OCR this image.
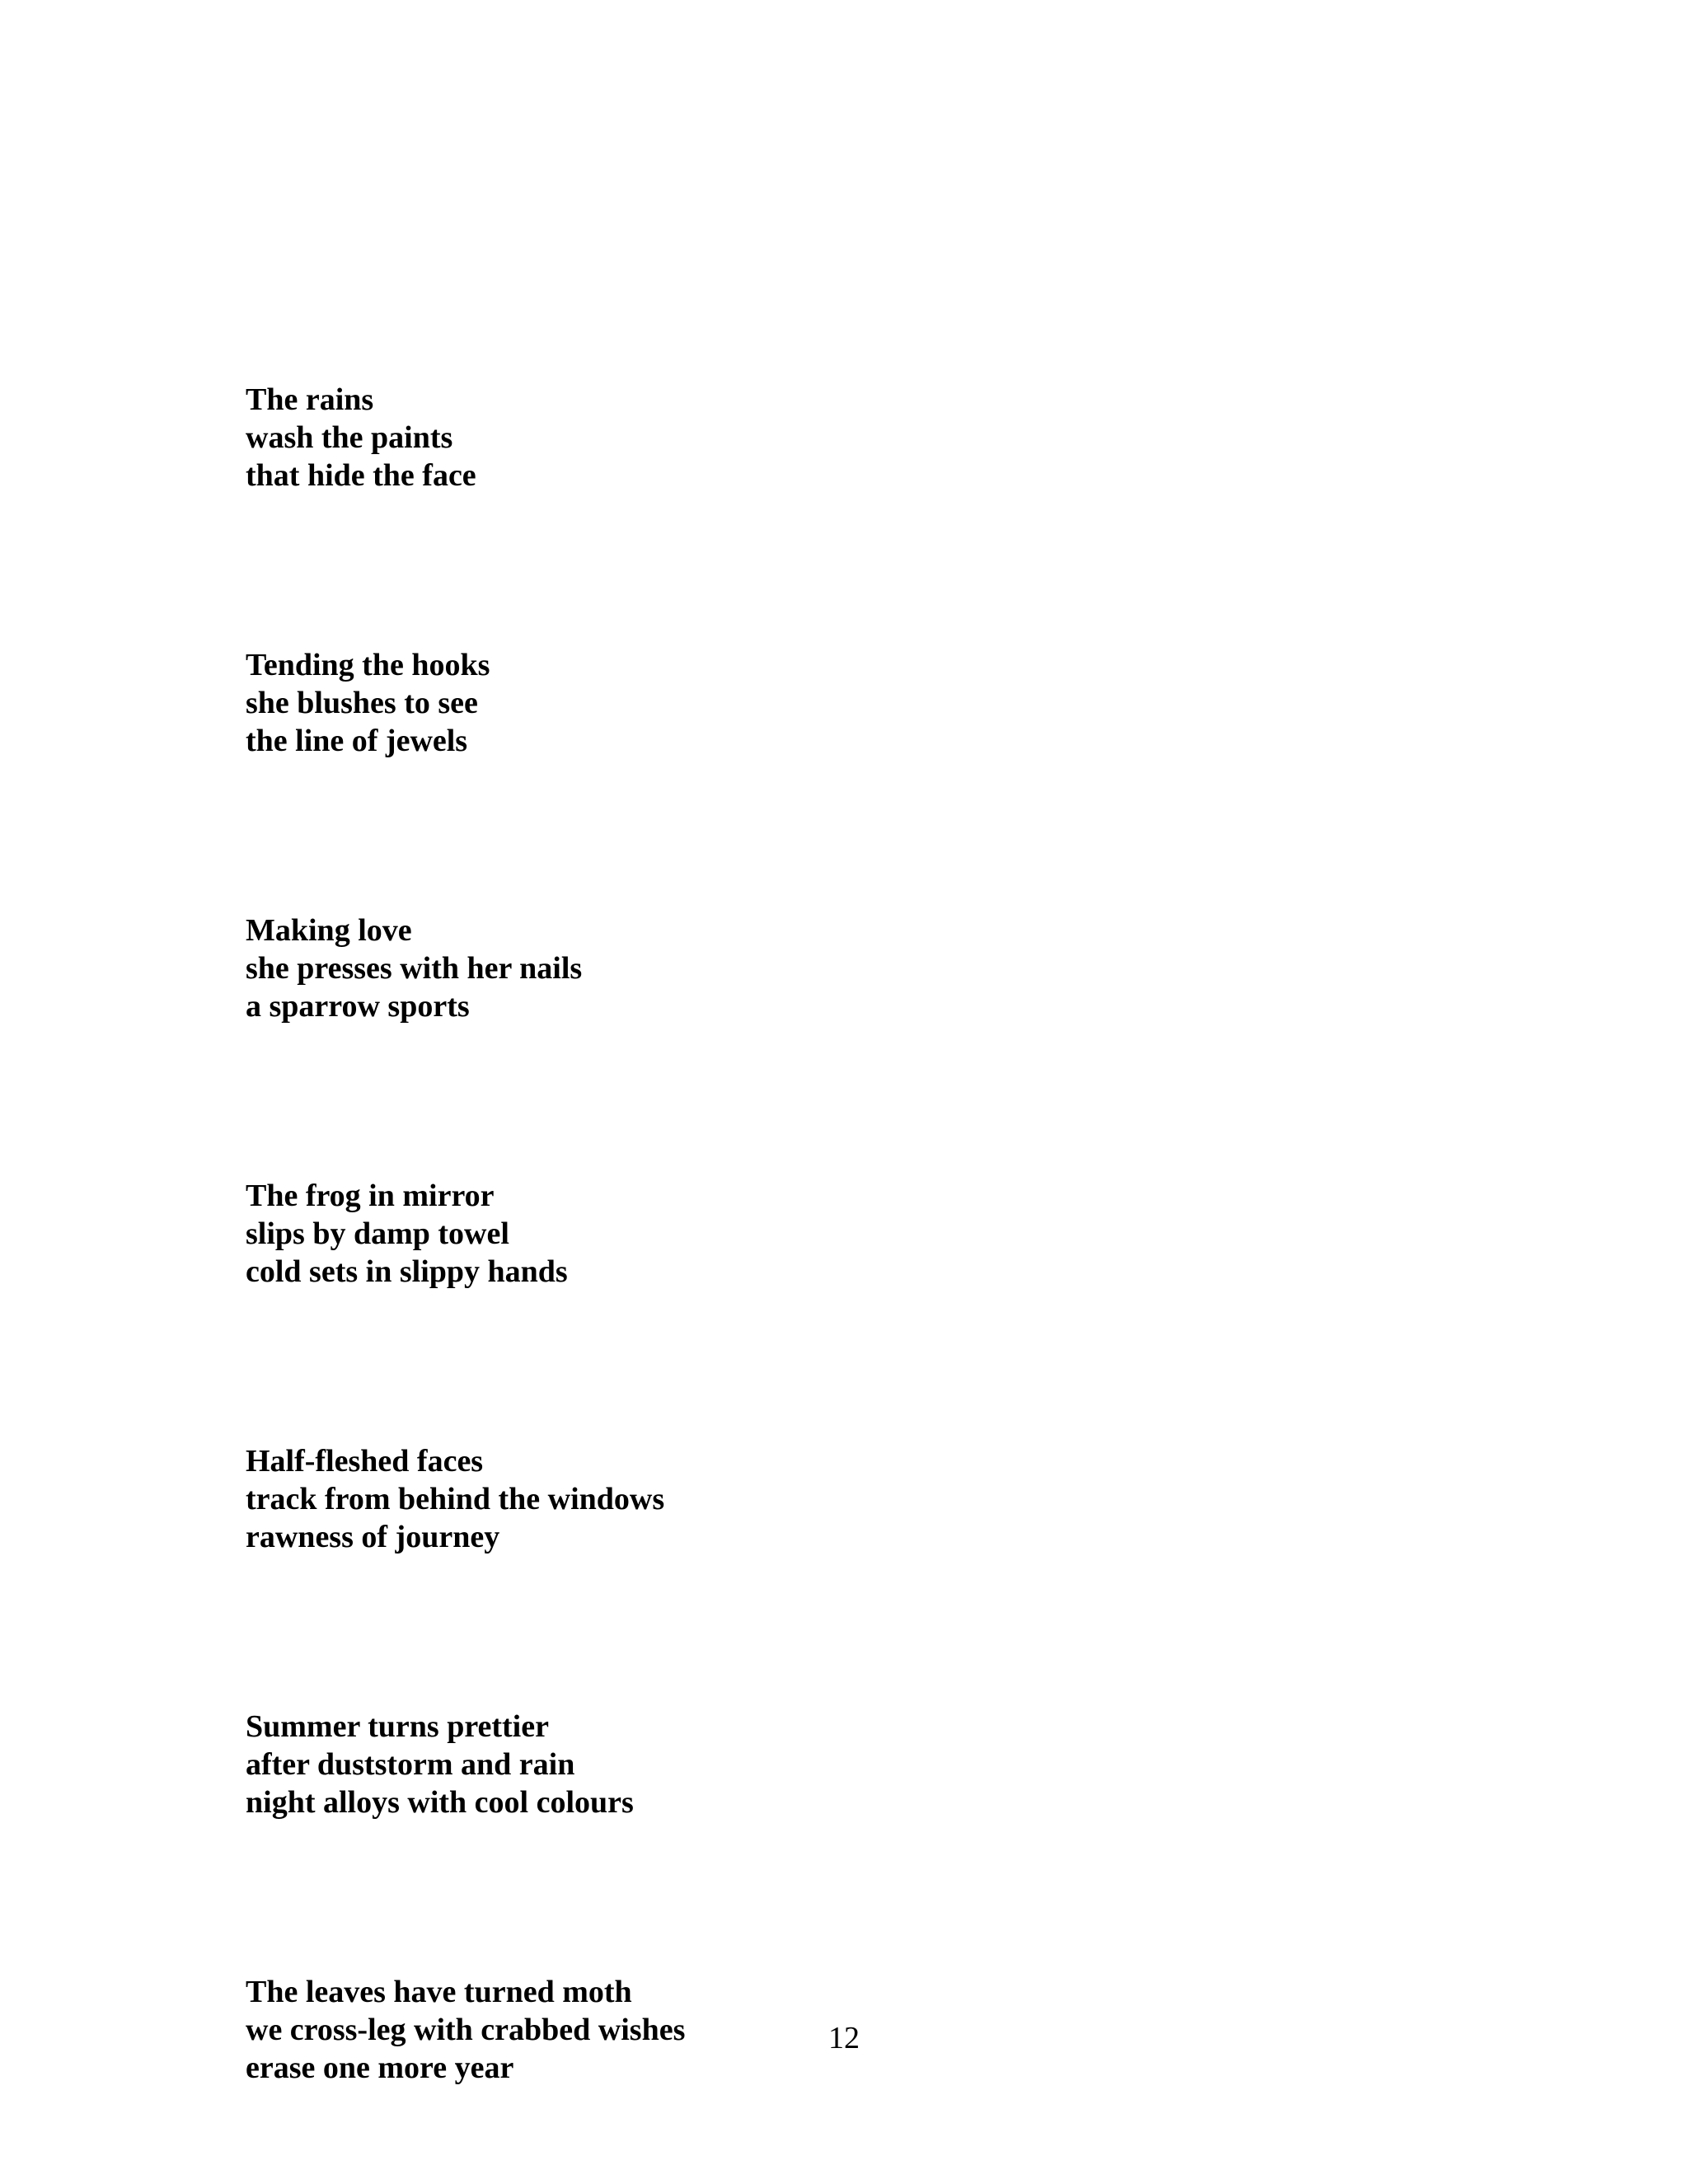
The rains
wash the paints
that hide the face
Tending the hooks
she blushes to see
the line of jewels
Making love
she presses with her nails
a sparrow sports
The frog in mirror
slips by damp towel
cold sets in slippy hands
Half-fleshed faces
track from behind the windows
rawness of journey
Summer turns prettier
after duststorm and rain
night alloys with cool colours
The leaves have turned moth
we cross-leg with crabbed wishes
erase one more year
12
